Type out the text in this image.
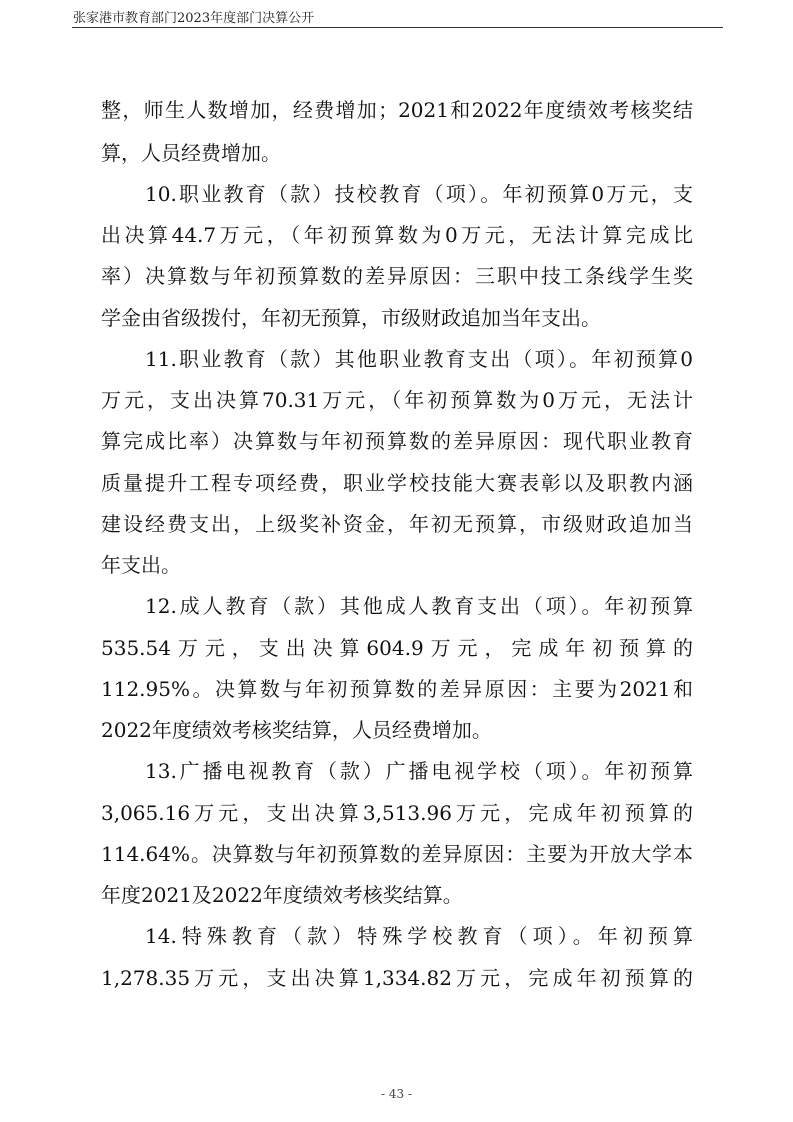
张家港市教育部门2023年度部门决算公开
整，师生人数增加，经费增加；2021和2022年度绩效考核奖结
算，人员经费增加。
10.职业教育（款）技校教育（项）。年初预算0万元，支
出决算44.7万元，（年初预算数为0万元，无法计算完成比
率）决算数与年初预算数的差异原因：三职中技工条线学生奖
学金由省级拨付，年初无预算，市级财政追加当年支出。
11.职业教育（款）其他职业教育支出（项）。年初预算0
万元，支出决算70.31万元，（年初预算数为0万元，无法计
算完成比率）决算数与年初预算数的差异原因：现代职业教育
质量提升工程专项经费，职业学校技能大赛表彰以及职教内涵
建设经费支出，上级奖补资金，年初无预算，市级财政追加当
年支出。
12.成人教育（款）其他成人教育支出（项）。年初预算
535.54万元，支出决算604.9万元，完成年初预算的
112.95%。决算数与年初预算数的差异原因：主要为2021和
2022年度绩效考核奖结算，人员经费增加。
13.广播电视教育（款）广播电视学校（项）。年初预算
3,065.16万元，支出决算3,513.96万元，完成年初预算的
114.64%。决算数与年初预算数的差异原因：主要为开放大学本
年度2021及2022年度绩效考核奖结算。
14.特殊教育（款）特殊学校教育（项）。年初预算
1,278.35万元，支出决算1,334.82万元，完成年初预算的
- 43 -
